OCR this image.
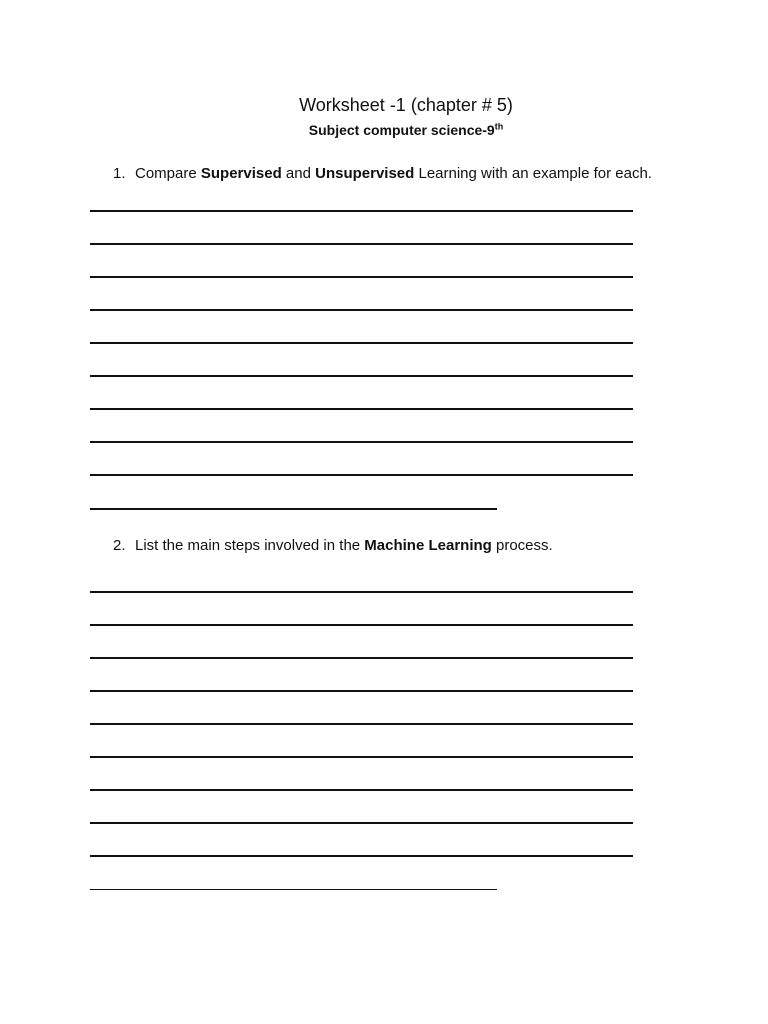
Worksheet -1 (chapter # 5)
Subject computer science-9th
1. Compare Supervised and Unsupervised Learning with an example for each.
2. List the main steps involved in the Machine Learning process.
